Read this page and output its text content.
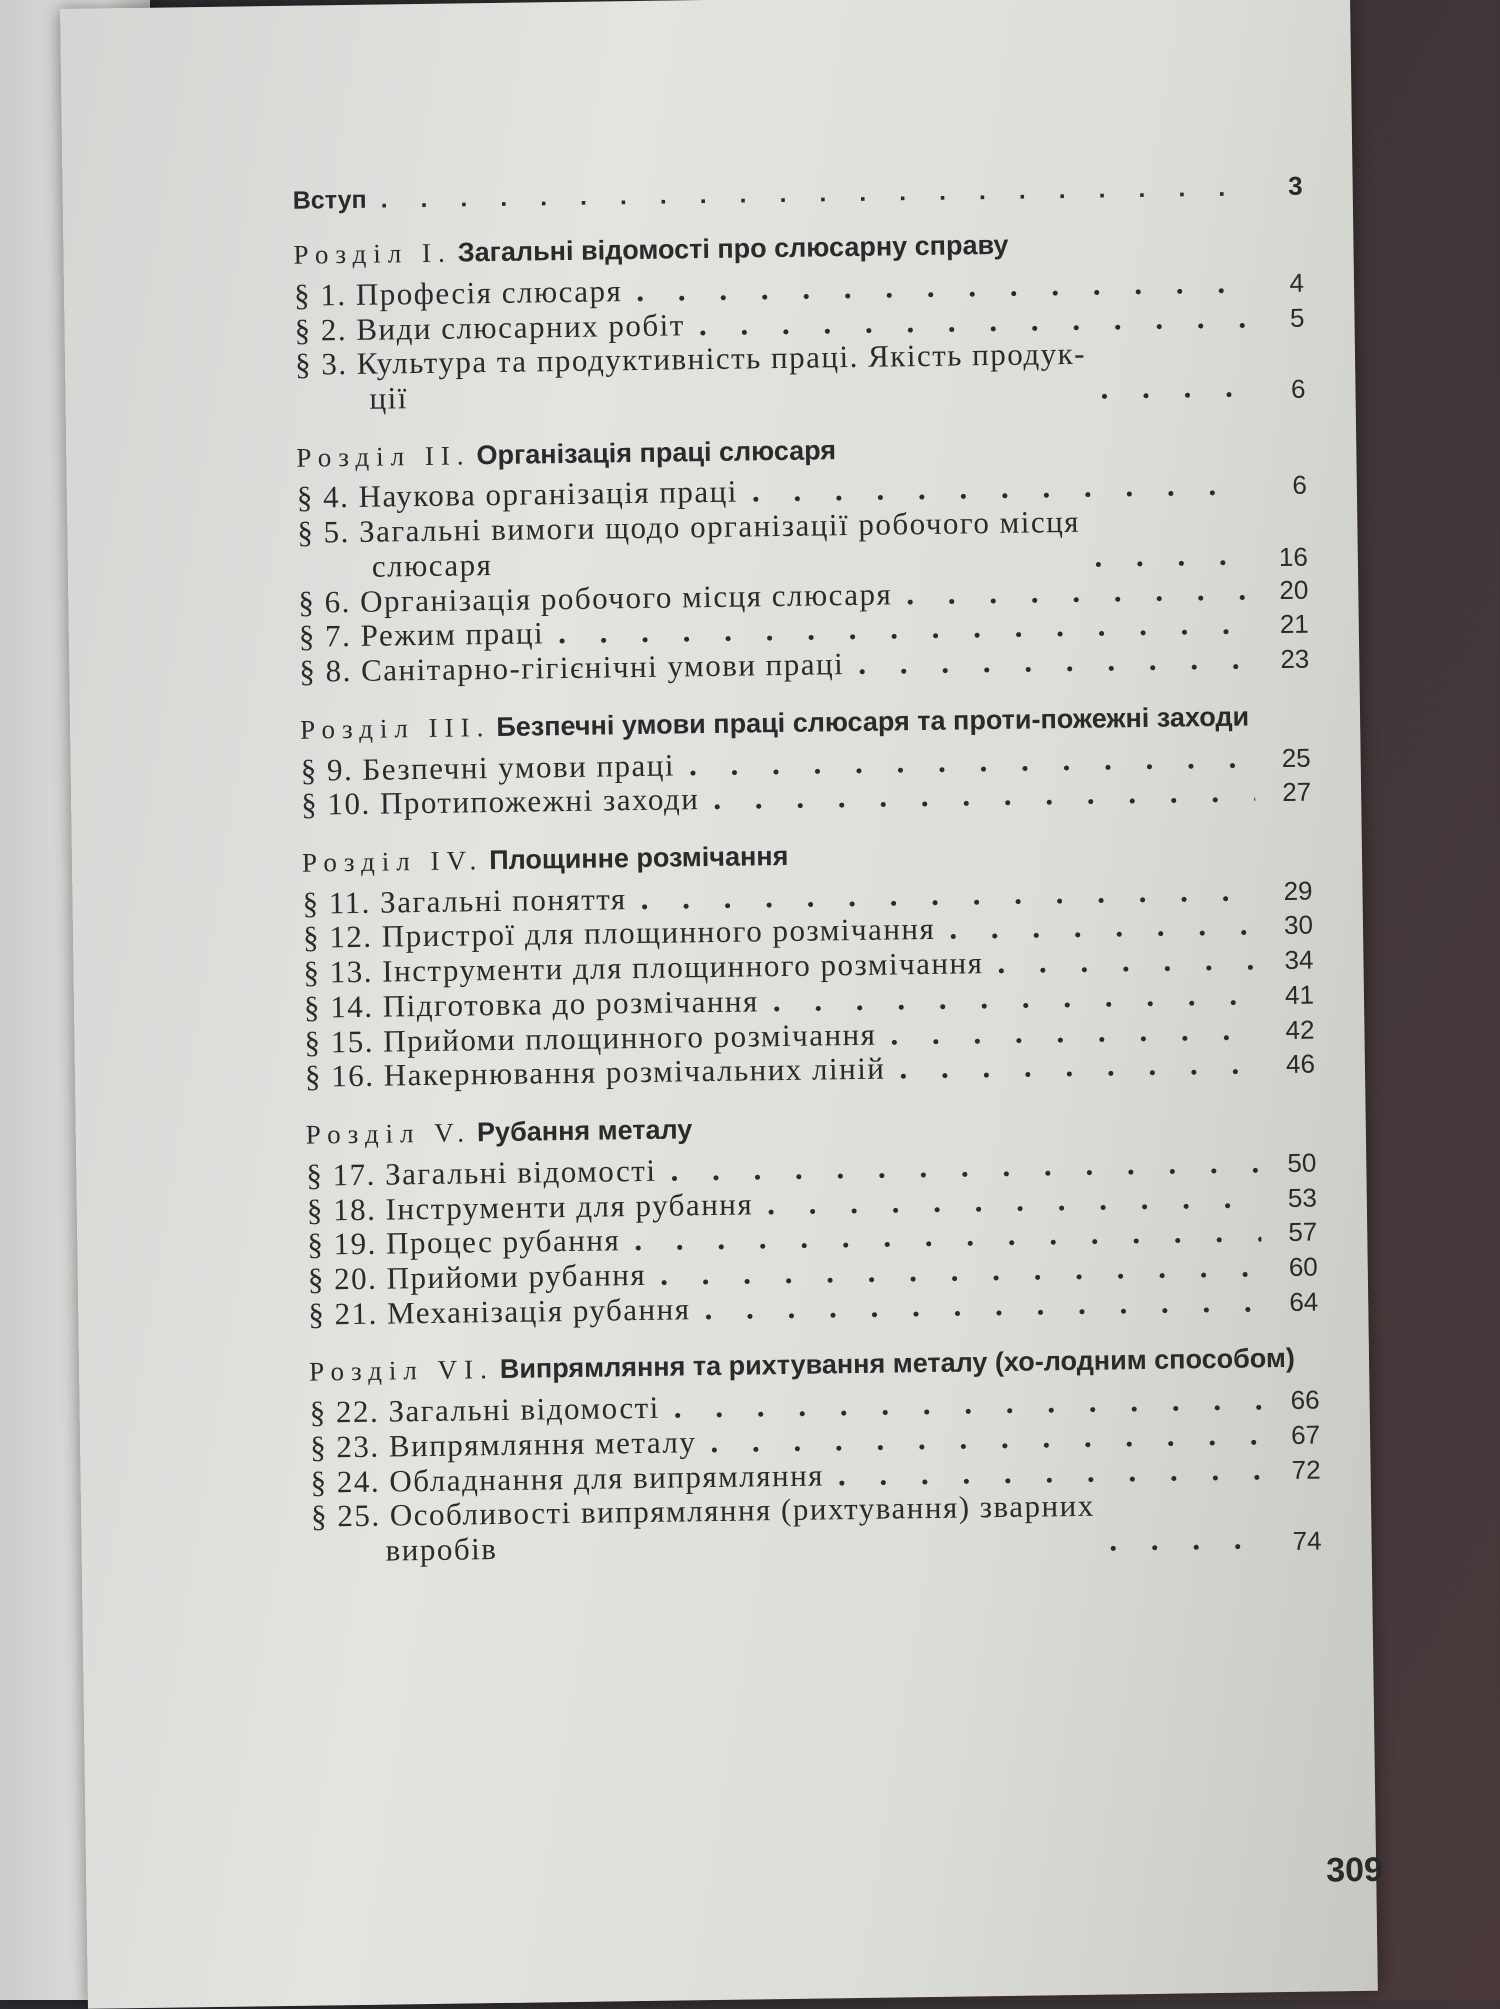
Вступ . . .	3
Розділ I. Загальні відомості про слюсарну справу
§ 1. Професія слюсаря . . .	4
§ 2. Види слюсарних робіт . . .	5
§ 3. Культура та продуктивність праці. Якість продук-
ції . . .	6
Розділ II. Організація праці слюсаря
§ 4. Наукова організація праці . . .	6
§ 5. Загальні вимоги щодо організації робочого місця
слюсаря . . .	16
§ 6. Організація робочого місця слюсаря . . .	20
§ 7. Режим праці . . .	21
§ 8. Санітарно-гігієнічні умови праці . . .	23
Розділ III. Безпечні умови праці слюсаря та проти-пожежні заходи
§ 9. Безпечні умови праці . . .	25
§ 10. Протипожежні заходи . . .	27
Розділ IV. Площинне розмічання
§ 11. Загальні поняття . . .	29
§ 12. Пристрої для площинного розмічання . . .	30
§ 13. Інструменти для площинного розмічання . . .	34
§ 14. Підготовка до розмічання . . .	41
§ 15. Прийоми площинного розмічання . . .	42
§ 16. Накернювання розмічальних ліній . . .	46
Розділ V. Рубання металу
§ 17. Загальні відомості . . .	50
§ 18. Інструменти для рубання . . .	53
§ 19. Процес рубання . . .	57
§ 20. Прийоми рубання . . .	60
§ 21. Механізація рубання . . .	64
Розділ VI. Випрямляння та рихтування металу (хо-лодним способом)
§ 22. Загальні відомості . . .	66
§ 23. Випрямляння металу . . .	67
§ 24. Обладнання для випрямляння . . .	72
§ 25. Особливості випрямляння (рихтування) зварних
виробів . . .	74
309
